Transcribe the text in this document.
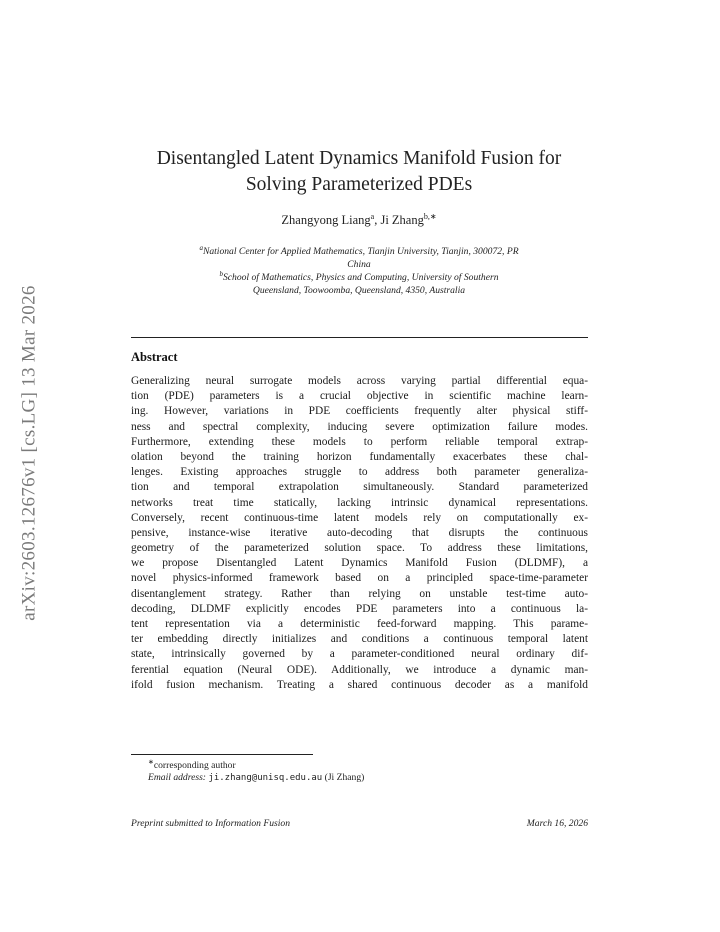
arXiv:2603.12676v1 [cs.LG] 13 Mar 2026
Disentangled Latent Dynamics Manifold Fusion for
Solving Parameterized PDEs
Zhangyong Liang$^a$, Ji Zhang$^{b,∗}$
$^a$National Center for Applied Mathematics, Tianjin University, Tianjin, 300072, PR
China
$^b$School of Mathematics, Physics and Computing, University of Southern
Queensland, Toowoomba, Queensland, 4350, Australia
Abstract
Generalizing neural surrogate models across varying partial differential equa-
tion (PDE) parameters is a crucial objective in scientific machine learn-
ing. However, variations in PDE coefficients frequently alter physical stiff-
ness and spectral complexity, inducing severe optimization failure modes.
Furthermore, extending these models to perform reliable temporal extrap-
olation beyond the training horizon fundamentally exacerbates these chal-
lenges. Existing approaches struggle to address both parameter generaliza-
tion and temporal extrapolation simultaneously. Standard parameterized
networks treat time statically, lacking intrinsic dynamical representations.
Conversely, recent continuous-time latent models rely on computationally ex-
pensive, instance-wise iterative auto-decoding that disrupts the continuous
geometry of the parameterized solution space. To address these limitations,
we propose Disentangled Latent Dynamics Manifold Fusion (DLDMF), a
novel physics-informed framework based on a principled space-time-parameter
disentanglement strategy. Rather than relying on unstable test-time auto-
decoding, DLDMF explicitly encodes PDE parameters into a continuous la-
tent representation via a deterministic feed-forward mapping. This parame-
ter embedding directly initializes and conditions a continuous temporal latent
state, intrinsically governed by a parameter-conditioned neural ordinary dif-
ferential equation (Neural ODE). Additionally, we introduce a dynamic man-
ifold fusion mechanism. Treating a shared continuous decoder as a manifold
∗corresponding author
Email address: ji.zhang@unisq.edu.au (Ji Zhang)
Preprint submitted to Information Fusion	March 16, 2026
